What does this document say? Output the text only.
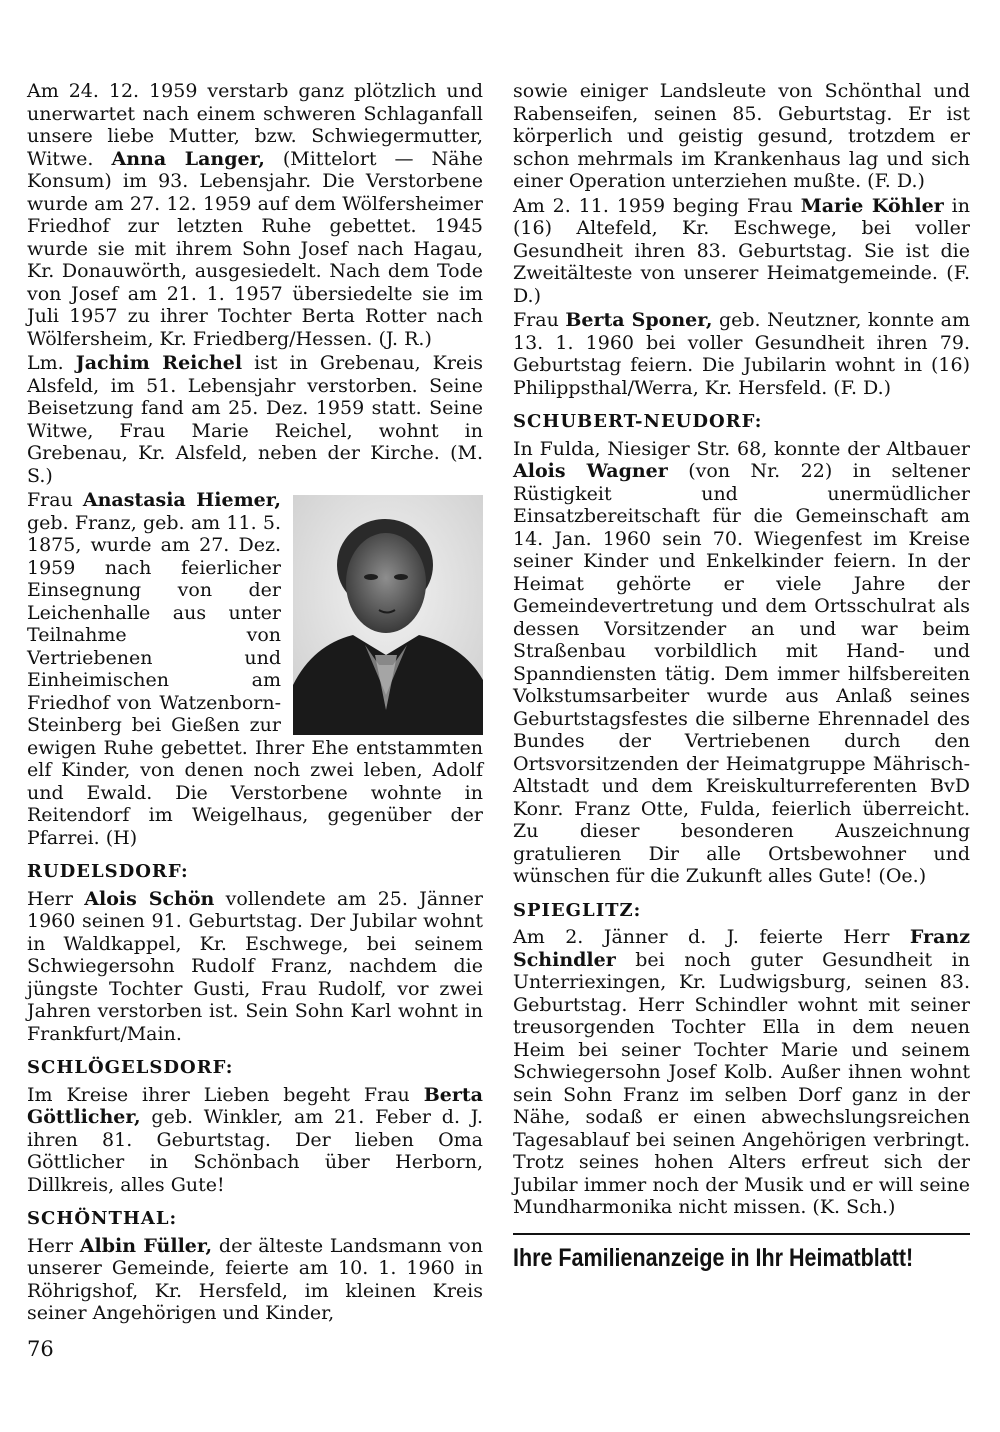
Am 24. 12. 1959 verstarb ganz plötzlich und unerwartet nach einem schweren Schlaganfall unsere liebe Mutter, bzw. Schwiegermutter, Witwe. Anna Langer, (Mittelort — Nähe Konsum) im 93. Lebensjahr. Die Verstorbene wurde am 27. 12. 1959 auf dem Wölfersheimer Friedhof zur letzten Ruhe gebettet. 1945 wurde sie mit ihrem Sohn Josef nach Hagau, Kr. Donauwörth, ausgesiedelt. Nach dem Tode von Josef am 21. 1. 1957 übersiedelte sie im Juli 1957 zu ihrer Tochter Berta Rotter nach Wölfersheim, Kr. Friedberg/Hessen. (J. R.)

Lm. Jachim Reichel ist in Grebenau, Kreis Alsfeld, im 51. Lebensjahr verstorben. Seine Beisetzung fand am 25. Dez. 1959 statt. Seine Witwe, Frau Marie Reichel, wohnt in Grebenau, Kr. Alsfeld, neben der Kirche. (M. S.)

Frau Anastasia Hiemer, geb. Franz, geb. am 11. 5. 1875, wurde am 27. Dez. 1959 nach feierlicher Einsegnung von der Leichenhalle aus unter Teilnahme von Vertriebenen und Einheimischen am Friedhof von Watzenborn-Steinberg bei Gießen zur ewigen Ruhe gebettet. Ihrer Ehe entstammten elf Kinder, von denen noch zwei leben, Adolf und Ewald. Die Verstorbene wohnte in Reitendorf im Weigelhaus, gegenüber der Pfarrei. (H)

RUDELSDORF:

Herr Alois Schön vollendete am 25. Jänner 1960 seinen 91. Geburtstag. Der Jubilar wohnt in Waldkappel, Kr. Eschwege, bei seinem Schwiegersohn Rudolf Franz, nachdem die jüngste Tochter Gusti, Frau Rudolf, vor zwei Jahren verstorben ist. Sein Sohn Karl wohnt in Frankfurt/Main.

SCHLÖGELSDORF:

Im Kreise ihrer Lieben begeht Frau Berta Göttlicher, geb. Winkler, am 21. Feber d. J. ihren 81. Geburtstag. Der lieben Oma Göttlicher in Schönbach über Herborn, Dillkreis, alles Gute!

SCHÖNTHAL:

Herr Albin Füller, der älteste Landsmann von unserer Gemeinde, feierte am 10. 1. 1960 in Röhrigshof, Kr. Hersfeld, im kleinen Kreis seiner Angehörigen und Kinder,

sowie einiger Landsleute von Schönthal und Rabenseifen, seinen 85. Geburtstag. Er ist körperlich und geistig gesund, trotzdem er schon mehrmals im Krankenhaus lag und sich einer Operation unterziehen mußte. (F. D.)

Am 2. 11. 1959 beging Frau Marie Köhler in (16) Altefeld, Kr. Eschwege, bei voller Gesundheit ihren 83. Geburtstag. Sie ist die Zweitälteste von unserer Heimatgemeinde. (F. D.)

Frau Berta Sponer, geb. Neutzner, konnte am 13. 1. 1960 bei voller Gesundheit ihren 79. Geburtstag feiern. Die Jubilarin wohnt in (16) Philippsthal/Werra, Kr. Hersfeld. (F. D.)

SCHUBERT-NEUDORF:

In Fulda, Niesiger Str. 68, konnte der Altbauer Alois Wagner (von Nr. 22) in seltener Rüstigkeit und unermüdlicher Einsatzbereitschaft für die Gemeinschaft am 14. Jan. 1960 sein 70. Wiegenfest im Kreise seiner Kinder und Enkelkinder feiern. In der Heimat gehörte er viele Jahre der Gemeindevertretung und dem Ortsschulrat als dessen Vorsitzender an und war beim Straßenbau vorbildlich mit Hand- und Spanndiensten tätig. Dem immer hilfsbereiten Volkstumsarbeiter wurde aus Anlaß seines Geburtstagsfestes die silberne Ehrennadel des Bundes der Vertriebenen durch den Ortsvorsitzenden der Heimatgruppe Mährisch-Altstadt und dem Kreiskulturreferenten BvD Konr. Franz Otte, Fulda, feierlich überreicht. Zu dieser besonderen Auszeichnung gratulieren Dir alle Ortsbewohner und wünschen für die Zukunft alles Gute! (Oe.)

SPIEGLITZ:

Am 2. Jänner d. J. feierte Herr Franz Schindler bei noch guter Gesundheit in Unterriexingen, Kr. Ludwigsburg, seinen 83. Geburtstag. Herr Schindler wohnt mit seiner treusorgenden Tochter Ella in dem neuen Heim bei seiner Tochter Marie und seinem Schwiegersohn Josef Kolb. Außer ihnen wohnt sein Sohn Franz im selben Dorf ganz in der Nähe, sodaß er einen abwechslungsreichen Tagesablauf bei seinen Angehörigen verbringt. Trotz seines hohen Alters erfreut sich der Jubilar immer noch der Musik und er will seine Mundharmonika nicht missen. (K. Sch.)

Ihre Familienanzeige in Ihr Heimatblatt!
76
